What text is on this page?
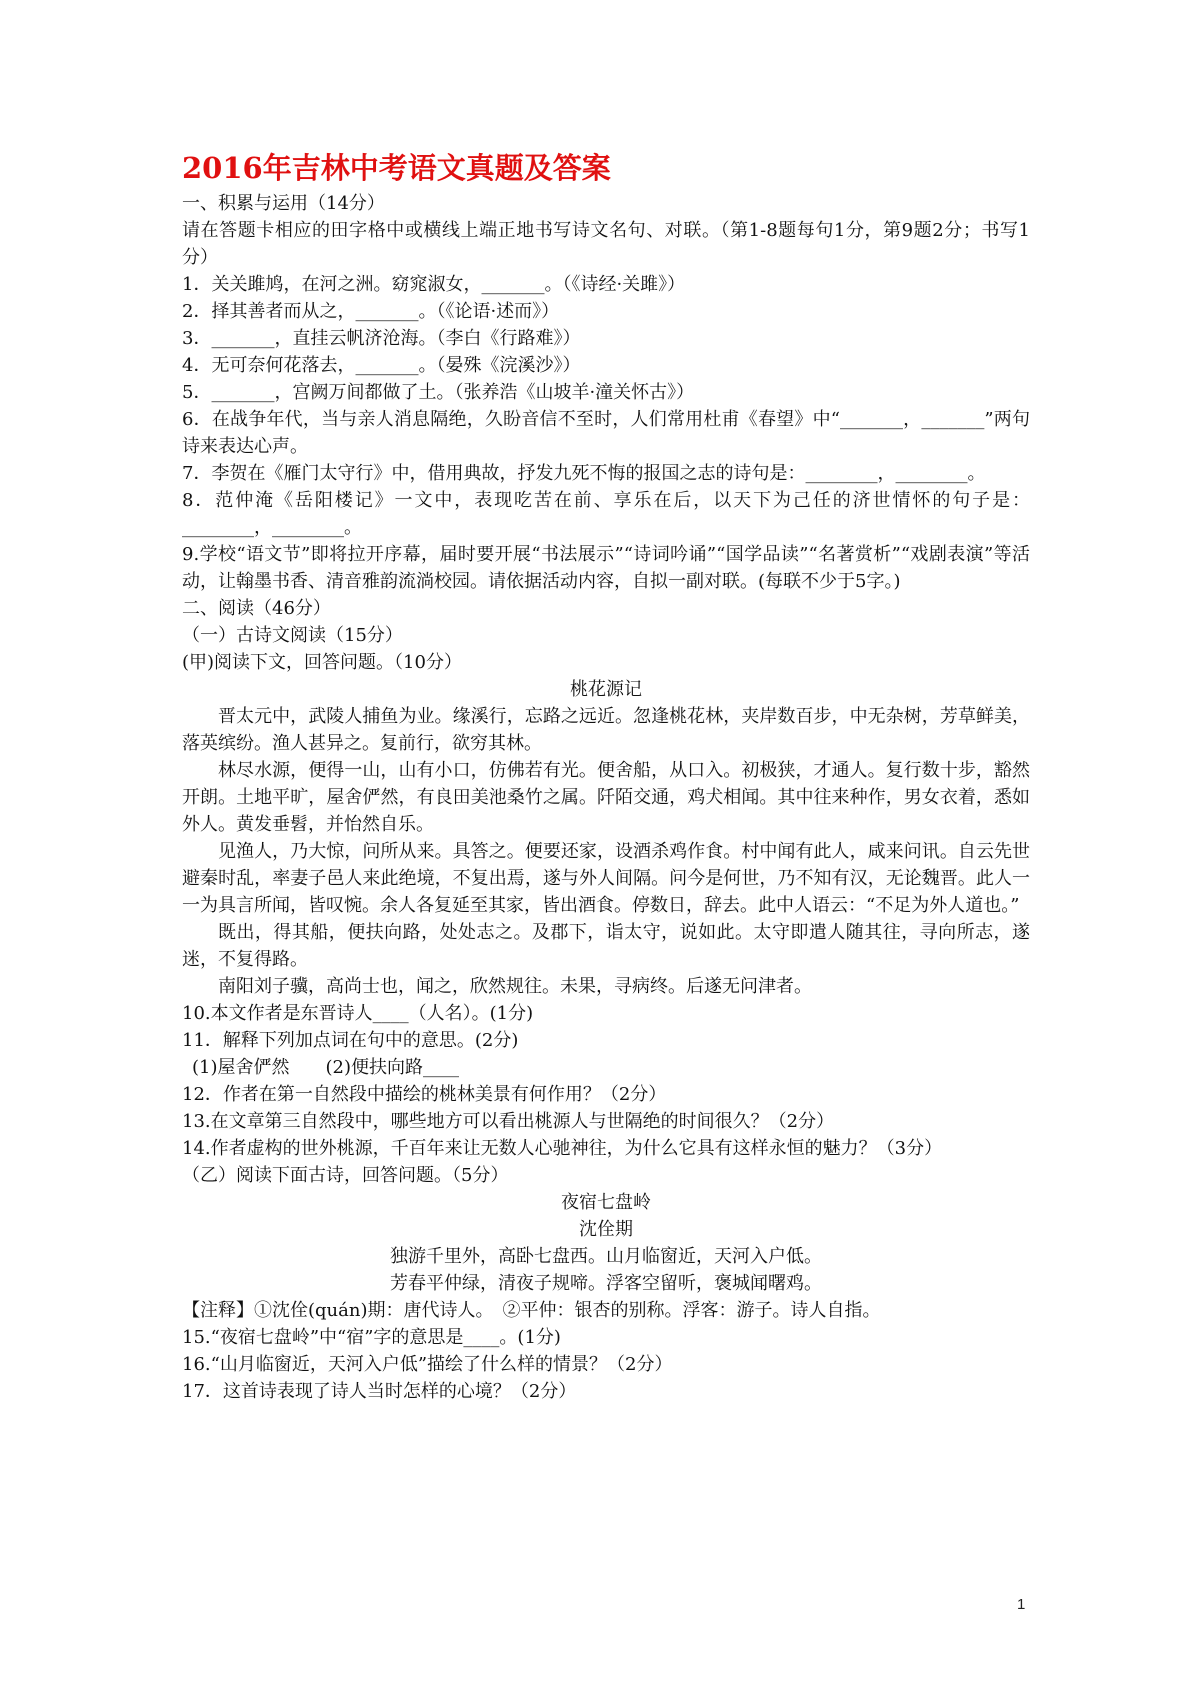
2016年吉林中考语文真题及答案
一、积累与运用（14分）
请在答题卡相应的田字格中或横线上端正地书写诗文名句、对联。（第1-8题每句1分，第9题2分；书写1分）
1．关关雎鸠，在河之洲。窈窕淑女，_______。（《诗经·关雎》）
2．择其善者而从之，_______。（《论语·述而》）
3．_______，直挂云帆济沧海。（李白《行路难》）
4．无可奈何花落去，_______。（晏殊《浣溪沙》）
5．_______，宫阙万间都做了土。（张养浩《山坡羊·潼关怀古》）
6．在战争年代，当与亲人消息隔绝，久盼音信不至时，人们常用杜甫《春望》中“_______，_______”两句诗来表达心声。
7．李贺在《雁门太守行》中，借用典故，抒发九死不悔的报国之志的诗句是：________，________。
8．范仲淹《岳阳楼记》一文中，表现吃苦在前、享乐在后，以天下为己任的济世情怀的句子是：________，________。
9.学校“语文节”即将拉开序幕，届时要开展“书法展示”“诗词吟诵”“国学品读”“名著赏析”“戏剧表演”等活动，让翰墨书香、清音雅韵流淌校园。请依据活动内容，自拟一副对联。(每联不少于5字。)
二、阅读（46分）
（一）古诗文阅读（15分）
(甲)阅读下文，回答问题。（10分）
桃花源记
晋太元中，武陵人捕鱼为业。缘溪行，忘路之远近。忽逢桃花林，夹岸数百步，中无杂树，芳草鲜美，落英缤纷。渔人甚异之。复前行，欲穷其林。
林尽水源，便得一山，山有小口，仿佛若有光。便舍船，从口入。初极狭，才通人。复行数十步，豁然开朗。土地平旷，屋舍俨然，有良田美池桑竹之属。阡陌交通，鸡犬相闻。其中往来种作，男女衣着，悉如外人。黄发垂髫，并怡然自乐。
见渔人，乃大惊，问所从来。具答之。便要还家，设酒杀鸡作食。村中闻有此人，咸来问讯。自云先世避秦时乱，率妻子邑人来此绝境，不复出焉，遂与外人间隔。问今是何世，乃不知有汉，无论魏晋。此人一一为具言所闻，皆叹惋。余人各复延至其家，皆出酒食。停数日，辞去。此中人语云：“不足为外人道也。”
既出，得其船，便扶向路，处处志之。及郡下，诣太守，说如此。太守即遣人随其往，寻向所志，遂迷，不复得路。
南阳刘子骥，高尚士也，闻之，欣然规往。未果，寻病终。后遂无问津者。
10.本文作者是东晋诗人____（人名）。(1分)
11．解释下列加点词在句中的意思。(2分)
(1)屋舍俨然　　(2)便扶向路____
12．作者在第一自然段中描绘的桃林美景有何作用？（2分）
13.在文章第三自然段中，哪些地方可以看出桃源人与世隔绝的时间很久？（2分）
14.作者虚构的世外桃源，千百年来让无数人心驰神往，为什么它具有这样永恒的魅力？（3分）
（乙）阅读下面古诗，回答问题。（5分）
夜宿七盘岭
沈佺期
独游千里外，高卧七盘西。山月临窗近，天河入户低。
芳春平仲绿，清夜子规啼。浮客空留听，褒城闻曙鸡。
【注释】①沈佺(quán)期：唐代诗人。　②平仲：银杏的别称。浮客：游子。诗人自指。
15.“夜宿七盘岭”中“宿”字的意思是____。(1分)
16.“山月临窗近，天河入户低”描绘了什么样的情景？（2分）
17．这首诗表现了诗人当时怎样的心境？（2分）
1
